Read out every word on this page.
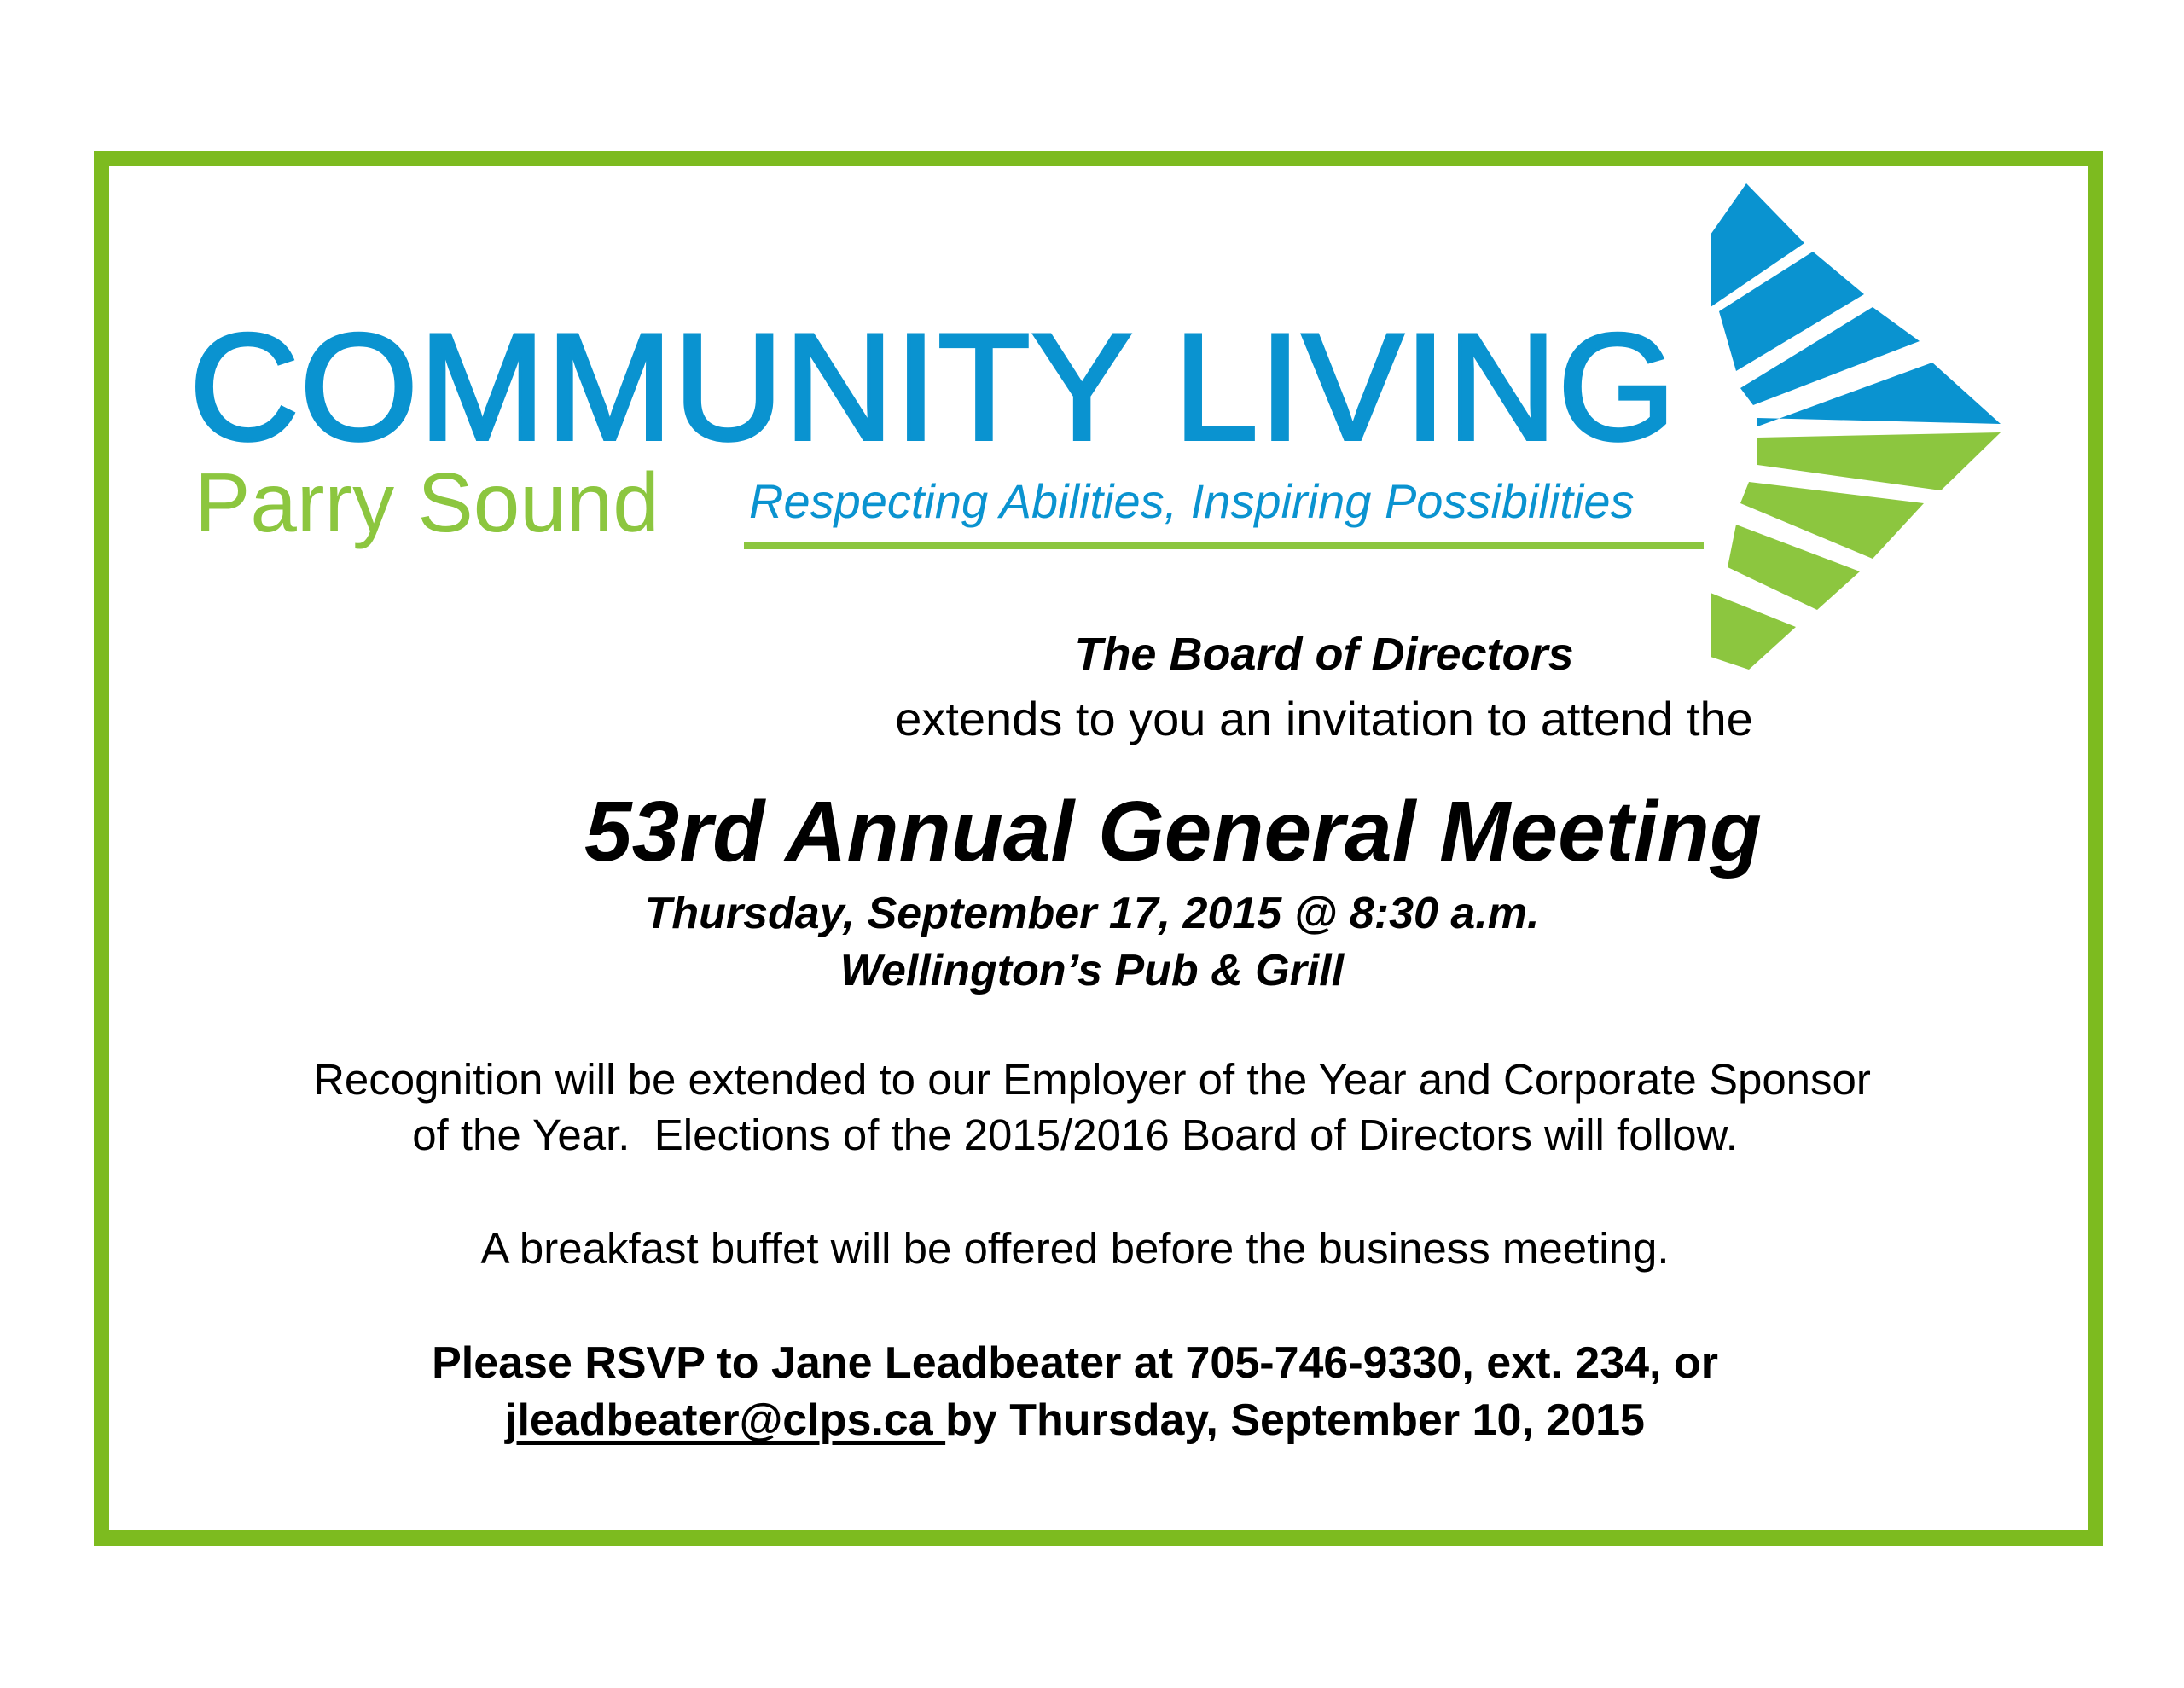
COMMUNITY LIVING
Parry Sound Respecting Abilities, Inspiring Possibilities
The Board of Directors
extends to you an invitation to attend the
53rd Annual General Meeting
Thursday, September 17, 2015 @ 8:30 a.m.
Wellington’s Pub & Grill
Recognition will be extended to our Employer of the Year and Corporate Sponsor
of the Year.  Elections of the 2015/2016 Board of Directors will follow.
A breakfast buffet will be offered before the business meeting.
Please RSVP to Jane Leadbeater at 705-746-9330, ext. 234, or
jleadbeater@clps.ca by Thursday, September 10, 2015
